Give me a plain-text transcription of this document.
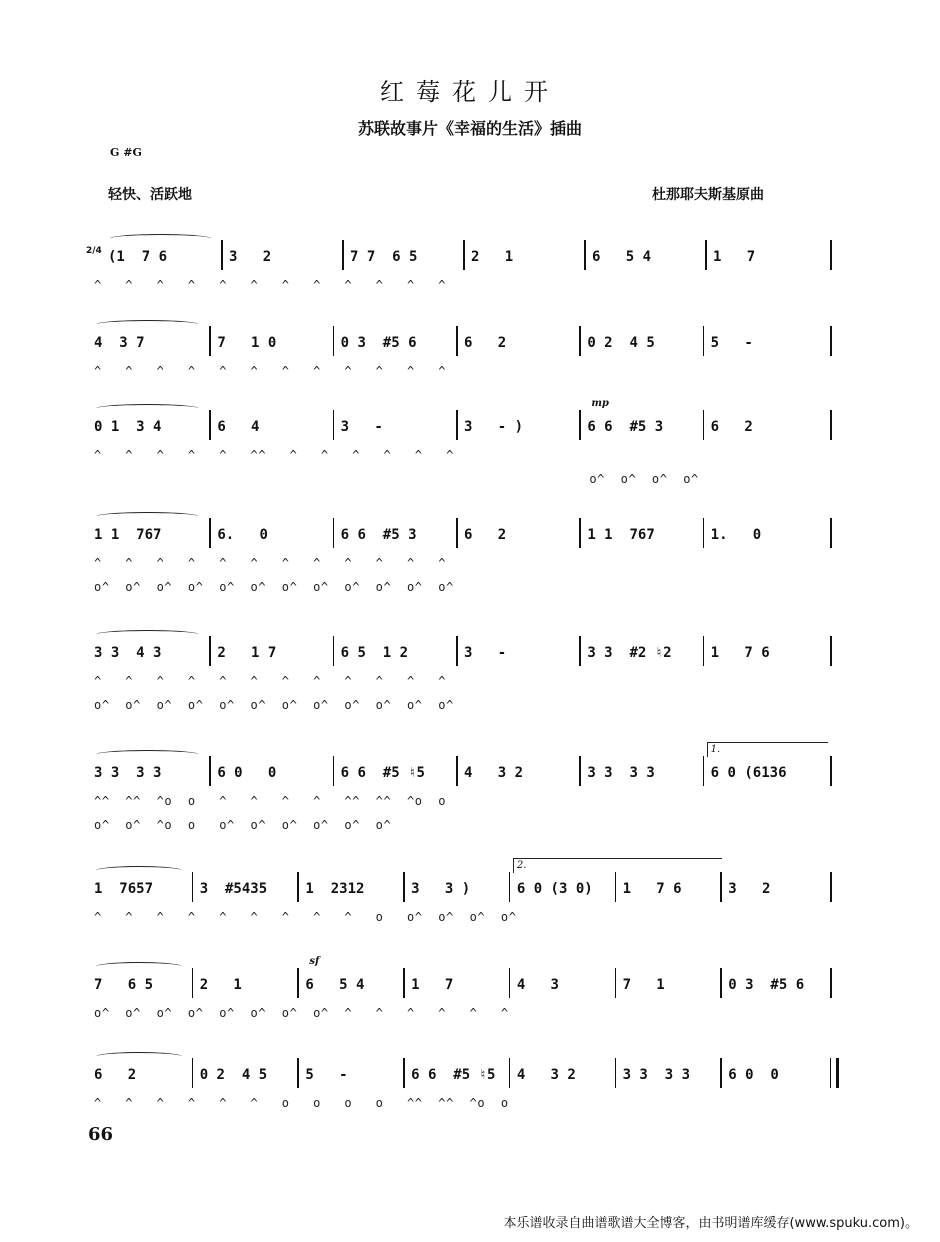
红莓花儿开
苏联故事片《幸福的生活》插曲
G #G
轻快、活跃地	杜那耶夫斯基原曲
2/4 (1  7 6	3   2	7 7  6 5	2   1	6   5 4	1   7
^   ^   ^   ^   ^   ^   ^   ^   ^   ^   ^   ^
4  3 7	7   1 0	0 3  #5 6	6   2	0 2  4 5	5   -
^   ^   ^   ^   ^   ^   ^   ^   ^   ^   ^   ^
0 1  3 4	6   4	3   -	3   - )	6 6  #5 3	6   2
mp
^   ^   ^   ^   ^   ^^   ^   ^   ^   ^   ^   ^
o^  o^  o^  o^
1 1  767	6.   0	6 6  #5 3	6   2	1 1  767	1.   0
^   ^   ^   ^   ^   ^   ^   ^   ^   ^   ^   ^
o^  o^  o^  o^  o^  o^  o^  o^  o^  o^  o^  o^
3 3  4 3	2   1 7	6 5  1 2	3   -	3 3  #2 ♮2	1   7 6
^   ^   ^   ^   ^   ^   ^   ^   ^   ^   ^   ^
o^  o^  o^  o^  o^  o^  o^  o^  o^  o^  o^  o^
3 3  3 3	6 0   0	6 6  #5 ♮5	4   3 2	3 3  3 3	6 0 (6136
1.
^^  ^^  ^o  o   ^   ^   ^   ^   ^^  ^^  ^o  o
o^  o^  ^o  o   o^  o^  o^  o^  o^  o^
1  7657	3  #5435	1  2312	3   3 )	6 0 (3 0)	1   7 6	3   2
2.
^   ^   ^   ^   ^   ^   ^   ^   ^   o   o^  o^  o^  o^
7   6 5	2   1	6   5 4	1   7	4   3	7   1	0 3  #5 6
sf
o^  o^  o^  o^  o^  o^  o^  o^  ^   ^   ^   ^   ^   ^
6   2	0 2  4 5	5   -	6 6  #5 ♮5	4   3 2	3 3  3 3	6 0  0
^   ^   ^   ^   ^   ^   o   o   o   o   ^^  ^^  ^o  o
66
本乐谱收录自曲谱歌谱大全博客，由书明谱库缓存(www.spuku.com)。
